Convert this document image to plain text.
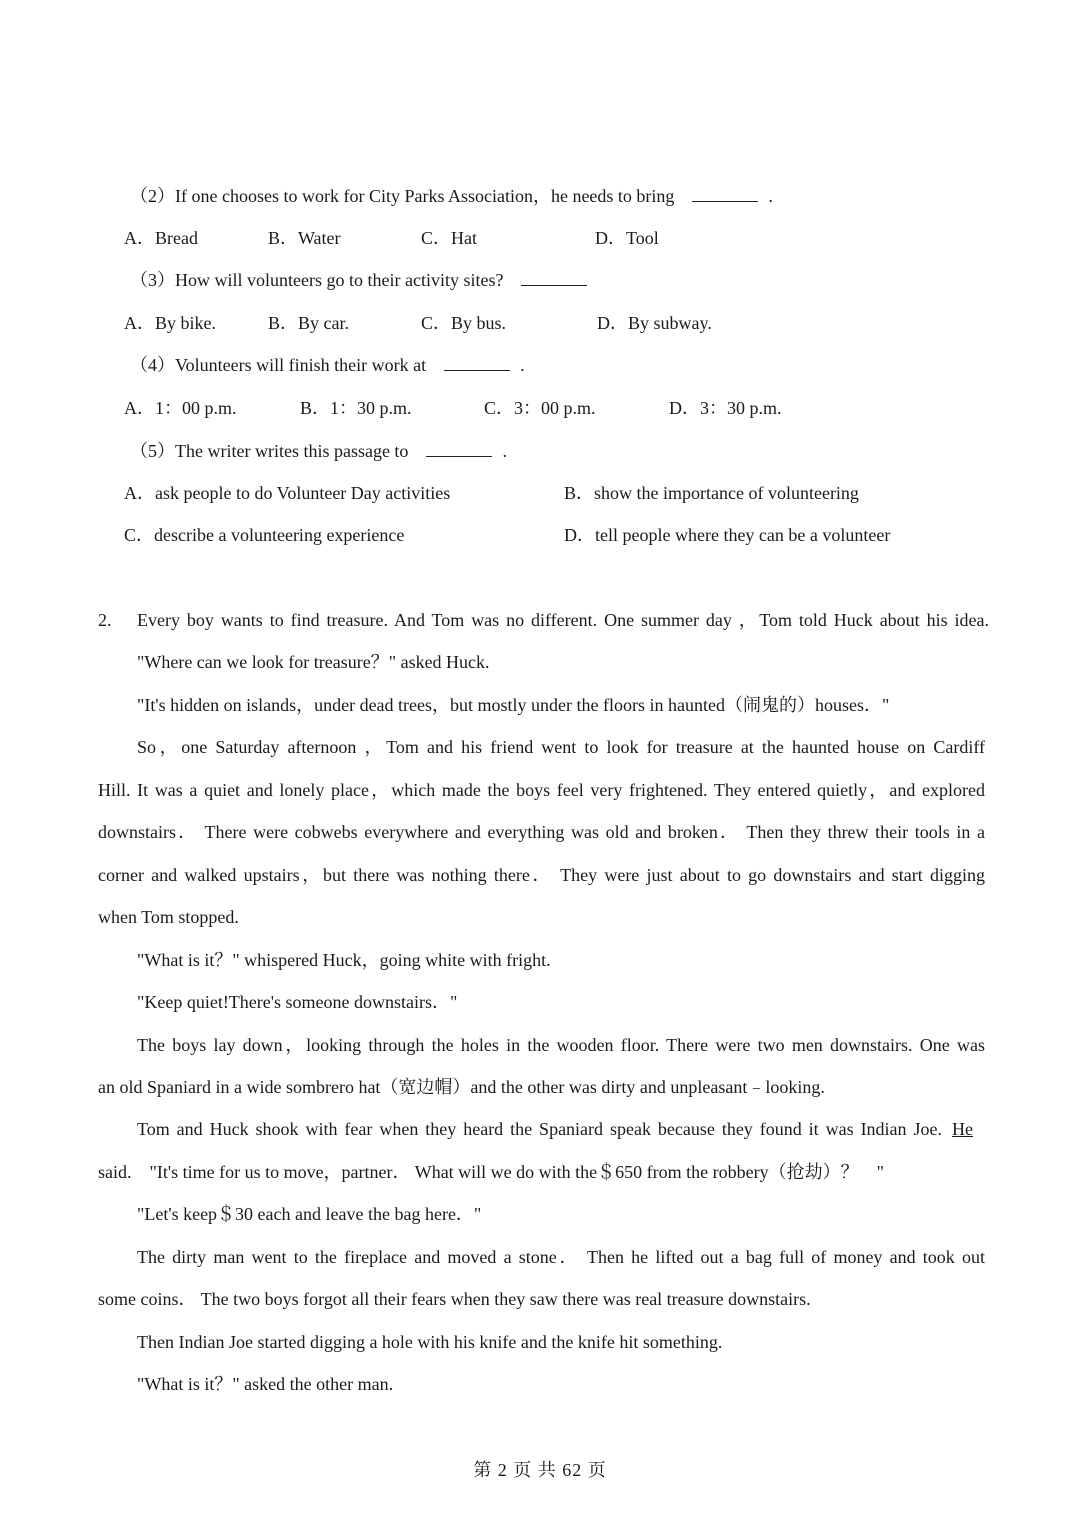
（2）If one chooses to work for City Parks Association，he needs to bring	.
A．Bread	B．Water	C．Hat	D．Tool
（3）How will volunteers go to their activity sites?
A．By bike.	B．By car.	C．By bus.	D．By subway.
（4）Volunteers will finish their work at	.
A．1：00 p.m.	B．1：30 p.m.	C．3：00 p.m.	D．3：30 p.m.
（5）The writer writes this passage to	.
A．ask people to do Volunteer Day activities	B．show the importance of volunteering
C．describe a volunteering experience	D．tell people where they can be a volunteer
2. Every boy wants to find treasure. And Tom was no different. One summer day ，Tom told Huck about his idea.
"Where can we look for treasure？" asked Huck.
"It's hidden on islands，under dead trees，but mostly under the floors in haunted（闹鬼的）houses．"
So，one Saturday afternoon ，Tom and his friend went to look for treasure at the haunted house on Cardiff
Hill. It was a quiet and lonely place，which made the boys feel very frightened. They entered quietly，and explored
downstairs． There were cobwebs everywhere and everything was old and broken． Then they threw their tools in a
corner and walked upstairs，but there was nothing there． They were just about to go downstairs and start digging
when Tom stopped.
"What is it？" whispered Huck，going white with fright.
"Keep quiet!There's someone downstairs．"
The boys lay down，looking through the holes in the wooden floor. There were two men downstairs. One was
an old Spaniard in a wide sombrero hat（宽边帽）and the other was dirty and unpleasant﹣looking.
Tom and Huck shook with fear when they heard the Spaniard speak because they found it was Indian Joe. He
said.　"It's time for us to move，partner． What will we do with the＄650 from the robbery（抢劫）？　"
"Let's keep＄30 each and leave the bag here．"
The dirty man went to the fireplace and moved a stone． Then he lifted out a bag full of money and took out
some coins． The two boys forgot all their fears when they saw there was real treasure downstairs.
Then Indian Joe started digging a hole with his knife and the knife hit something.
"What is it？" asked the other man.
第 2 页 共 62 页
